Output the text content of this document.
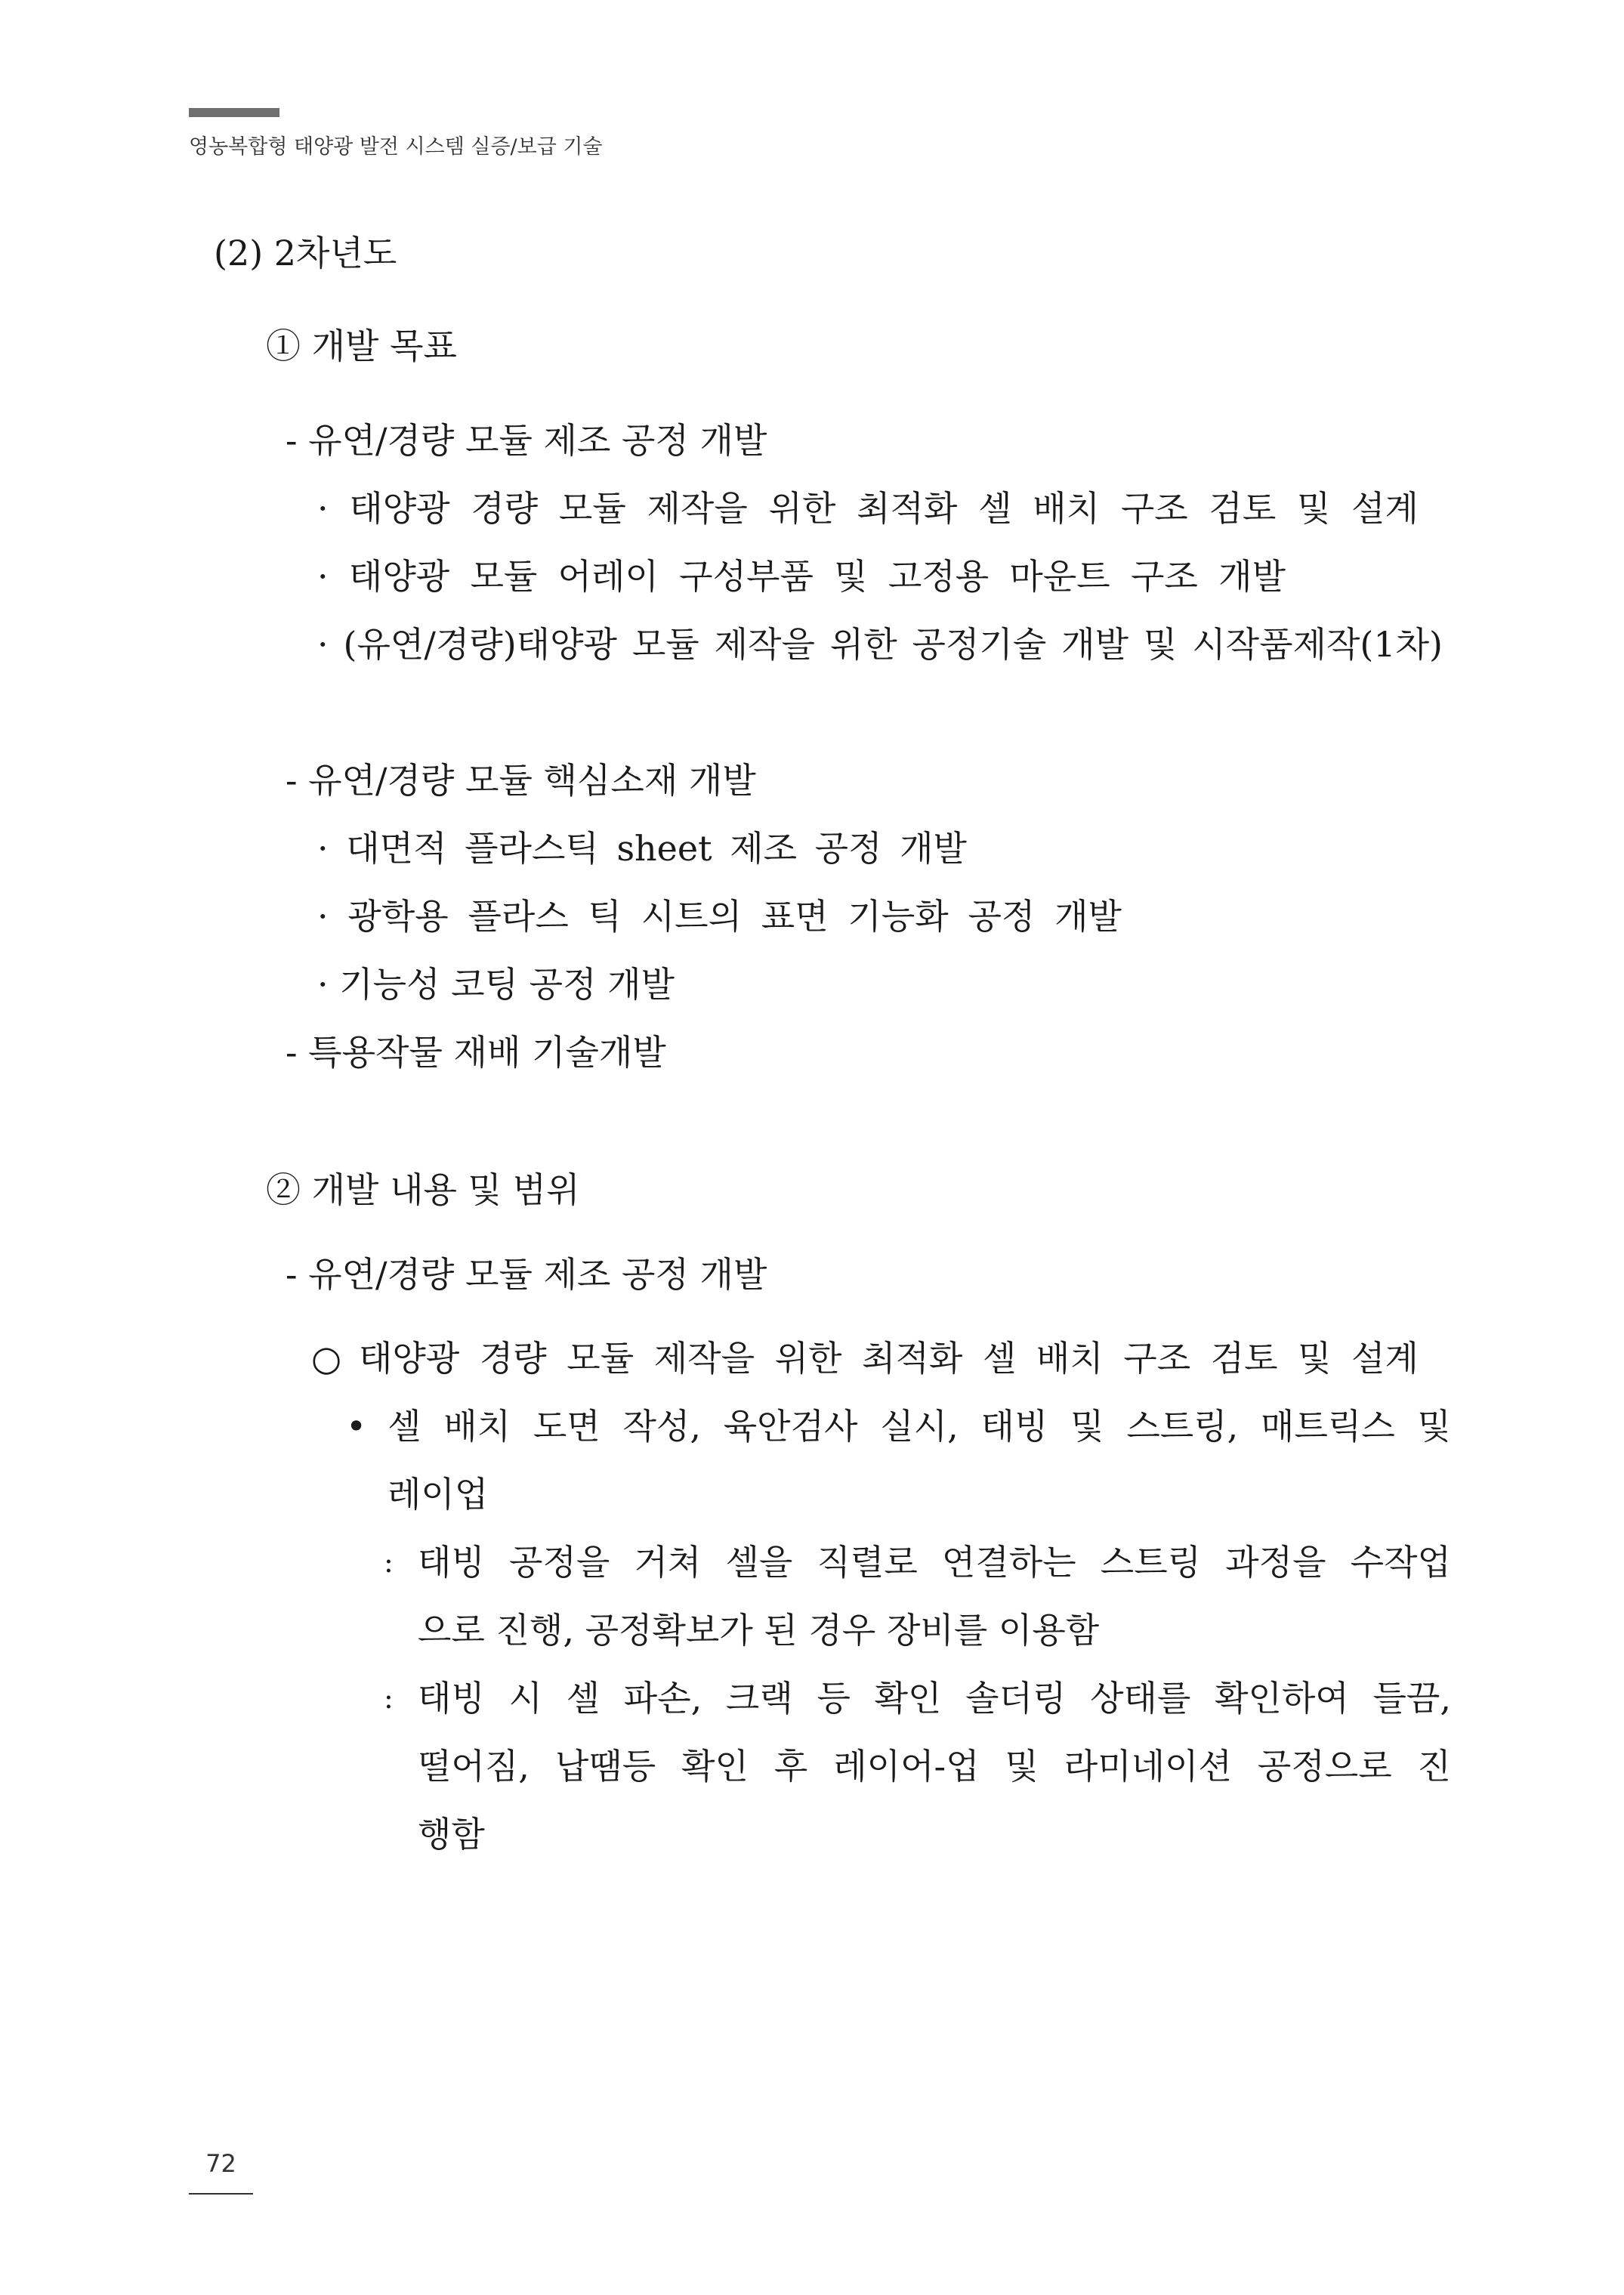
영농복합형 태양광 발전 시스템 실증/보급 기술
(2) 2차년도
① 개발 목표
- 유연/경량 모듈 제조 공정 개발
· 태양광 경량 모듈 제작을 위한 최적화 셀 배치 구조 검토 및 설계
· 태양광 모듈 어레이 구성부품 및 고정용 마운트 구조 개발
· (유연/경량)태양광 모듈 제작을 위한 공정기술 개발 및 시작품제작(1차)
- 유연/경량 모듈 핵심소재 개발
· 대면적 플라스틱 sheet 제조 공정 개발
· 광학용 플라스 틱 시트의 표면 기능화 공정 개발
· 기능성 코팅 공정 개발
- 특용작물 재배 기술개발
② 개발 내용 및 범위
- 유연/경량 모듈 제조 공정 개발
○ 태양광 경량 모듈 제작을 위한 최적화 셀 배치 구조 검토 및 설계
• 셀 배치 도면 작성, 육안검사 실시, 태빙 및 스트링, 매트릭스 및
레이업
: 태빙 공정을 거쳐 셀을 직렬로 연결하는 스트링 과정을 수작업
으로 진행, 공정확보가 된 경우 장비를 이용함
: 태빙 시 셀 파손, 크랙 등 확인 솔더링 상태를 확인하여 들끔,
떨어짐, 납땜등 확인 후 레이어-업 및 라미네이션 공정으로 진
행함
72
